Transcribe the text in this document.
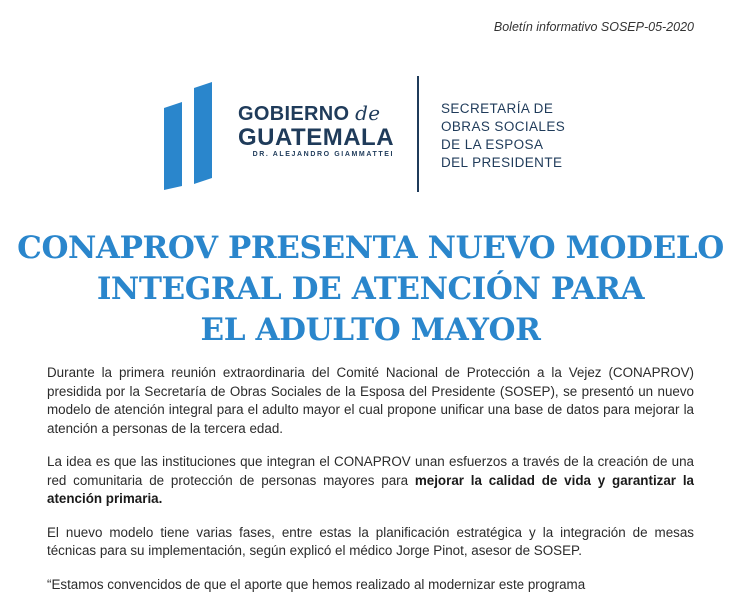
Boletín informativo SOSEP-05-2020
GOBIERNO de
GUATEMALA
DR. ALEJANDRO GIAMMATTEI
SECRETARÍA DE
OBRAS SOCIALES
DE LA ESPOSA
DEL PRESIDENTE
CONAPROV PRESENTA NUEVO MODELO
INTEGRAL DE ATENCIÓN PARA
EL ADULTO MAYOR

Durante la primera reunión extraordinaria del Comité Nacional de Protección a la Vejez (CONAPROV) presidida por la Secretaría de Obras Sociales de la Esposa del Presidente (SOSEP), se presentó un nuevo modelo de atención integral para el adulto mayor el cual propone unificar una base de datos para mejorar la atención a personas de la tercera edad.

La idea es que las instituciones que integran el CONAPROV unan esfuerzos a través de la creación de una red comunitaria de protección de personas mayores para mejorar la calidad de vida y garantizar la atención primaria.

El nuevo modelo tiene varias fases, entre estas la planificación estratégica y la integración de mesas técnicas para su implementación, según explicó el médico Jorge Pinot, asesor de SOSEP.

“Estamos convencidos de que el aporte que hemos realizado al modernizar este programa
